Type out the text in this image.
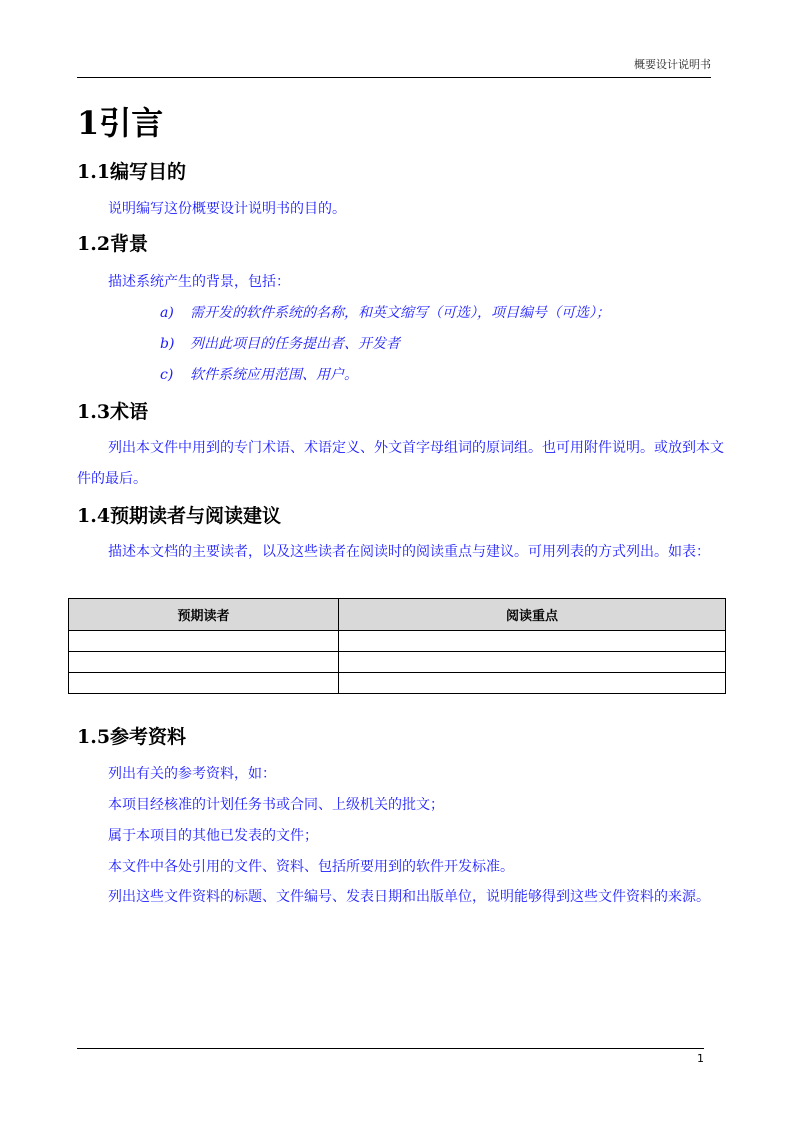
概要设计说明书
1引言
1.1编写目的
说明编写这份概要设计说明书的目的。
1.2背景
描述系统产生的背景，包括：
a) 需开发的软件系统的名称，和英文缩写（可选），项目编号（可选）；
b) 列出此项目的任务提出者、开发者
c) 软件系统应用范围、用户。
1.3术语
列出本文件中用到的专门术语、术语定义、外文首字母组词的原词组。也可用附件说明。或放到本文件的最后。
1.4预期读者与阅读建议
描述本文档的主要读者，以及这些读者在阅读时的阅读重点与建议。可用列表的方式列出。如表：
预期读者	阅读重点

1.5参考资料
列出有关的参考资料，如：
本项目经核准的计划任务书或合同、上级机关的批文；
属于本项目的其他已发表的文件；
本文件中各处引用的文件、资料、包括所要用到的软件开发标准。
列出这些文件资料的标题、文件编号、发表日期和出版单位，说明能够得到这些文件资料的来源。
1
